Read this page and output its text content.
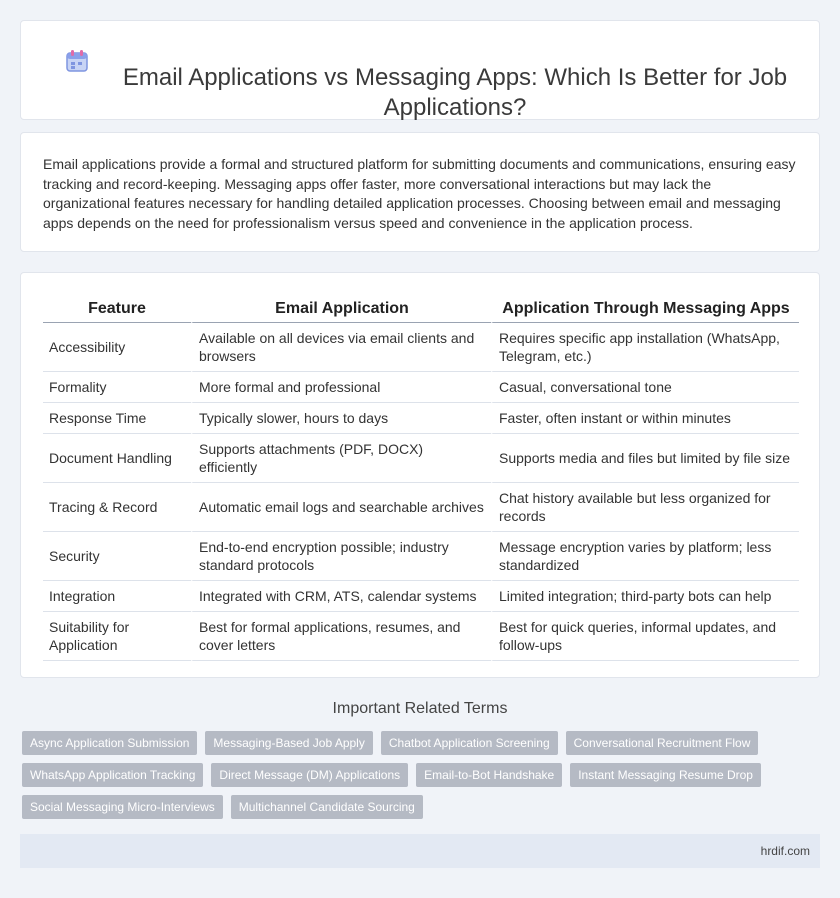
Email Applications vs Messaging Apps: Which Is Better for Job Applications?

Email applications provide a formal and structured platform for submitting documents and communications, ensuring easy tracking and record-keeping. Messaging apps offer faster, more conversational interactions but may lack the organizational features necessary for handling detailed application processes. Choosing between email and messaging apps depends on the need for professionalism versus speed and convenience in the application process.

Feature	Email Application	Application Through Messaging Apps
Accessibility	Available on all devices via email clients and browsers	Requires specific app installation (WhatsApp, Telegram, etc.)
Formality	More formal and professional	Casual, conversational tone
Response Time	Typically slower, hours to days	Faster, often instant or within minutes
Document Handling	Supports attachments (PDF, DOCX) efficiently	Supports media and files but limited by file size
Tracing & Record	Automatic email logs and searchable archives	Chat history available but less organized for records
Security	End-to-end encryption possible; industry standard protocols	Message encryption varies by platform; less standardized
Integration	Integrated with CRM, ATS, calendar systems	Limited integration; third-party bots can help
Suitability for Application	Best for formal applications, resumes, and cover letters	Best for quick queries, informal updates, and follow-ups
Important Related Terms
Async Application Submission	Messaging-Based Job Apply	Chatbot Application Screening	Conversational Recruitment Flow
WhatsApp Application Tracking	Direct Message (DM) Applications	Email-to-Bot Handshake	Instant Messaging Resume Drop
Social Messaging Micro-Interviews	Multichannel Candidate Sourcing
hrdif.com
